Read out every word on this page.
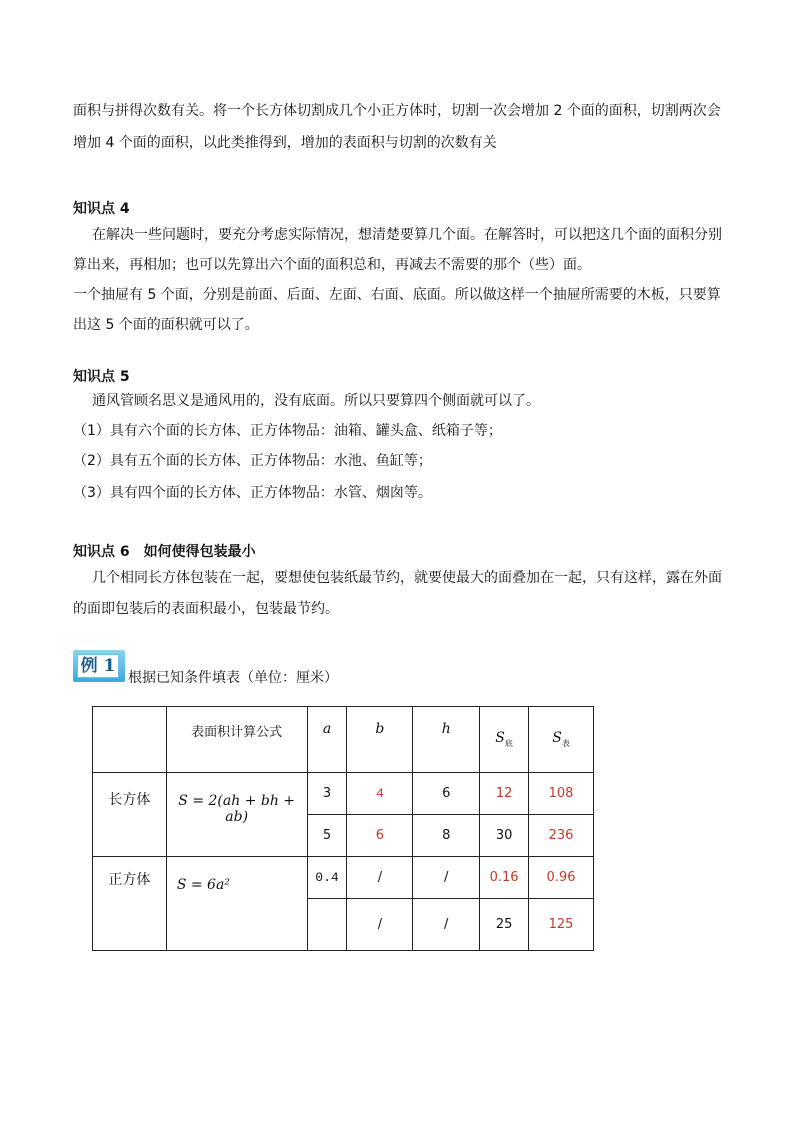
面积与拼得次数有关。将一个长方体切割成几个小正方体时，切割一次会增加 2 个面的面积，切割两次会
增加 4 个面的面积，以此类推得到，增加的表面积与切割的次数有关
知识点 4
在解决一些问题时，要充分考虑实际情况，想清楚要算几个面。在解答时，可以把这几个面的面积分别
算出来，再相加；也可以先算出六个面的面积总和，再减去不需要的那个（些）面。
一个抽屉有 5 个面，分别是前面、后面、左面、右面、底面。所以做这样一个抽屉所需要的木板，只要算
出这 5 个面的面积就可以了。
知识点 5
通风管顾名思义是通风用的，没有底面。所以只要算四个侧面就可以了。
（1）具有六个面的长方体、正方体物品：油箱、罐头盒、纸箱子等；
（2）具有五个面的长方体、正方体物品：水池、鱼缸等；
（3）具有四个面的长方体、正方体物品：水管、烟囱等。
知识点 6　如何使得包装最小
几个相同长方体包装在一起，要想使包装纸最节约，就要使最大的面叠加在一起，只有这样，露在外面
的面即包装后的表面积最小，包装最节约。
例 1
根据已知条件填表（单位：厘米）
	表面积计算公式	a	b	h	$S_底$	$S_表$
长方体	S = 2(ah + bh + ab)	3	4	6	12	108
		5	6	8	30	236
正方体	S = 6a²	0.4	/	/	0.16	0.96
			/	/	25	125
